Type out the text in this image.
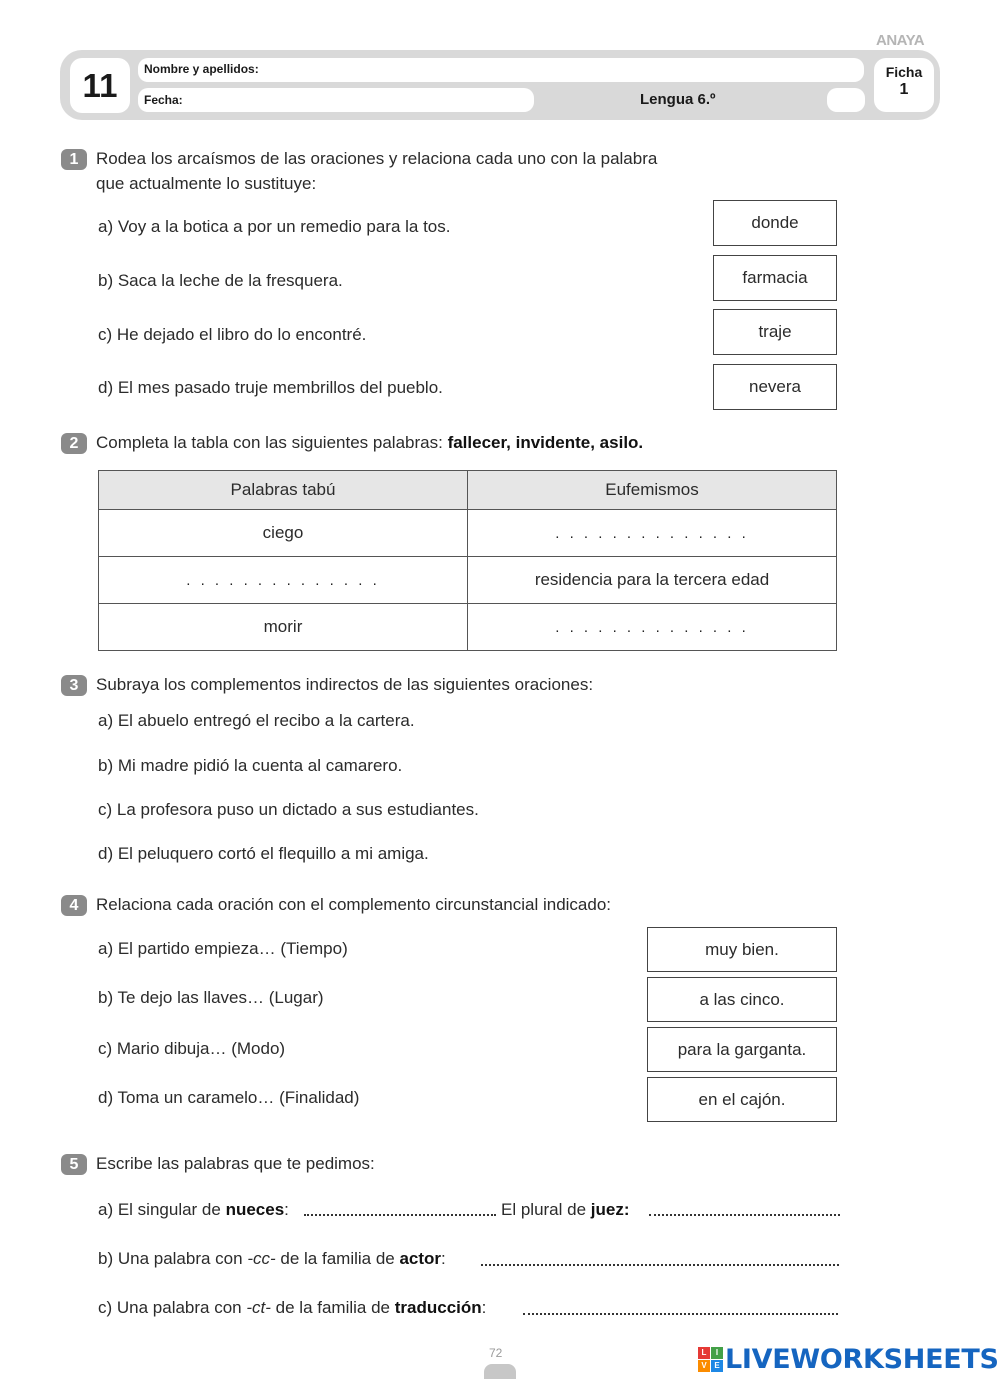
ANAYA
11	Nombre y apellidos:
Fecha:	Lengua 6.º
Ficha
1
1	Rodea los arcaísmos de las oraciones y relaciona cada uno con la palabra
que actualmente lo sustituye:
a) Voy a la botica a por un remedio para la tos.
b) Saca la leche de la fresquera.
c) He dejado el libro do lo encontré.
d) El mes pasado truje membrillos del pueblo.
donde
farmacia
traje
nevera
2	Completa la tabla con las siguientes palabras: fallecer, invidente, asilo.
Palabras tabú	Eufemismos
ciego	. . . . . . . . . . . . . .
. . . . . . . . . . . . . .	residencia para la tercera edad
morir	. . . . . . . . . . . . . .
3	Subraya los complementos indirectos de las siguientes oraciones:
a) El abuelo entregó el recibo a la cartera.
b) Mi madre pidió la cuenta al camarero.
c) La profesora puso un dictado a sus estudiantes.
d) El peluquero cortó el flequillo a mi amiga.
4	Relaciona cada oración con el complemento circunstancial indicado:
a) El partido empieza… (Tiempo)
b) Te dejo las llaves… (Lugar)
c) Mario dibuja… (Modo)
d) Toma un caramelo… (Finalidad)
muy bien.
a las cinco.
para la garganta.
en el cajón.
5	Escribe las palabras que te pedimos:
a) El singular de nueces:	El plural de juez:
b) Una palabra con -cc- de la familia de actor:
c) Una palabra con -ct- de la familia de traducción:
72	L	I
V E LIVEWORKSHEETS
